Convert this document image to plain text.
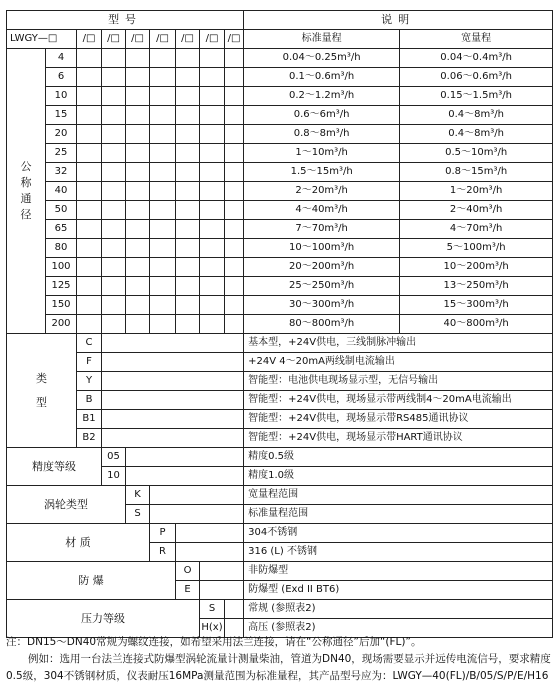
型号									说明	
LWGY—□		/□	/□	/□	/□	/□	/□	/□	标准量程	宽量程

公
称
通
径	4								0.04～0.25m³/h	0.04～0.4m³/h
	6								0.1～0.6m³/h	0.06～0.6m³/h
	10								0.2～1.2m³/h	0.15～1.5m³/h
	15								0.6～6m³/h	0.4～8m³/h
	20								0.8～8m³/h	0.4～8m³/h
	25								1～10m³/h	0.5～10m³/h
	32								1.5～15m³/h	0.8～15m³/h
	40								2～20m³/h	1～20m³/h
	50								4～40m³/h	2～40m³/h
	65								7～70m³/h	4～70m³/h
	80								10～100m³/h	5～100m³/h
	100								20～200m³/h	10～200m³/h
	125								25～250m³/h	13～250m³/h
	150								30～300m³/h	15～300m³/h
	200								80～800m³/h	40～800m³/h

类
型		C							基本型，+24V供电，三线制脉冲输出	
		F							+24V 4～20mA两线制电流输出	
		Y							智能型：电池供电现场显示型，无信号输出	
		B							智能型：+24V供电，现场显示带两线制4～20mA电流输出	
		B1							智能型：+24V供电，现场显示带RS485通讯协议	
		B2							智能型：+24V供电，现场显示带HART通讯协议	
精度等级			05						精度0.5级	
			10						精度1.0级	
涡轮类型				K					宽量程范围	
				S					标准量程范围	
材 质					P				304不锈钢	
					R				316 (L) 不锈钢	
防 爆						O			非防爆型	
						E			防爆型 (Exd II BT6)	
压力等级							S		常规 (参照表2)	
							H(x)		高压 (参照表2)	

注：DN15～DN40常规为螺纹连接，如希望采用法兰连接，请在“公称通径”后加“(FL)”。

例如：选用一台法兰连接式防爆型涡轮流量计测量柴油，管道为DN40，现场需要显示并远传电流信号，要求精度0.5级，304不锈钢材质，仪表耐压16MPa测量范围为标准量程，其产品型号应为：LWGY—40(FL)/B/05/S/P/E/H16
